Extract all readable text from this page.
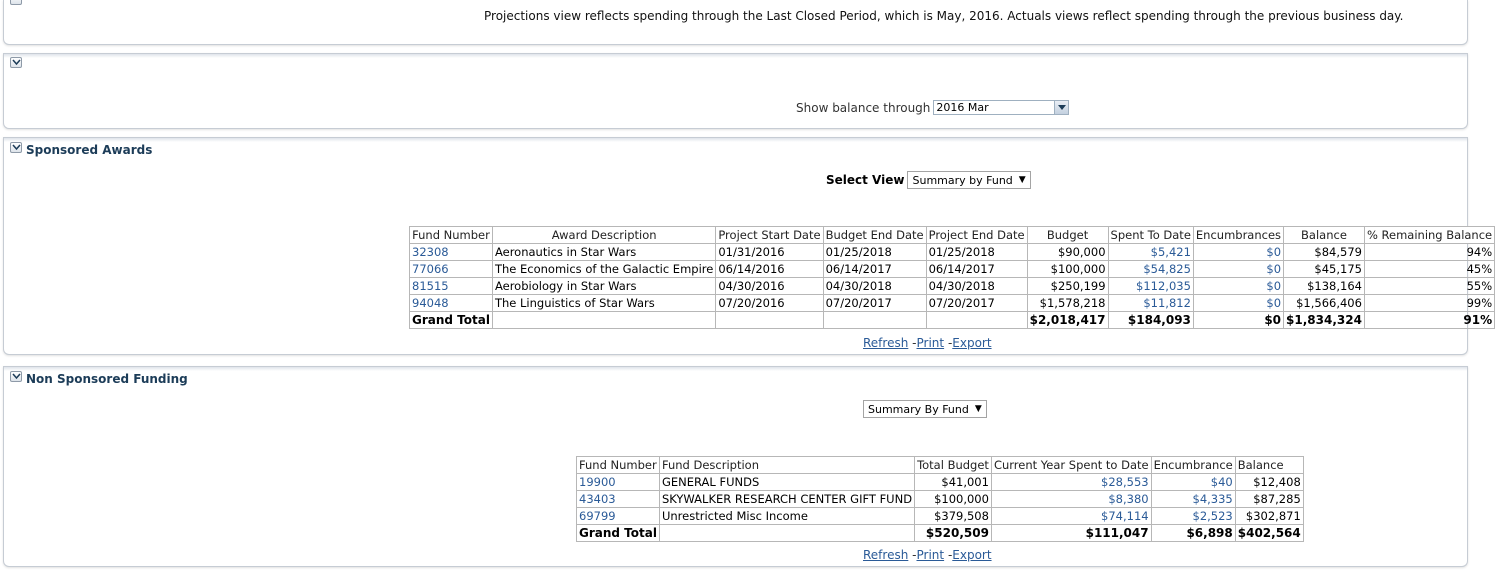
Projections view reflects spending through the Last Closed Period, which is May, 2016. Actuals views reflect spending through the previous business day.
Show balance through 2016 Mar
Sponsored Awards
Select View Summary by Fund ▼
Fund Number	Award Description	Project Start Date	Budget End Date	Project End Date	Budget	Spent To Date	Encumbrances	Balance	% Remaining Balance
32308	Aeronautics in Star Wars	01/31/2016	01/25/2018	01/25/2018	$90,000	$5,421	$0	$84,579	94%
77066	The Economics of the Galactic Empire	06/14/2016	06/14/2017	06/14/2017	$100,000	$54,825	$0	$45,175	45%
81515	Aerobiology in Star Wars	04/30/2016	04/30/2018	04/30/2018	$250,199	$112,035	$0	$138,164	55%
94048	The Linguistics of Star Wars	07/20/2016	07/20/2017	07/20/2017	$1,578,218	$11,812	$0	$1,566,406	99%
Grand Total					$2,018,417	$184,093	$0	$1,834,324	91%
Refresh -Print -Export
Non Sponsored Funding
Summary By Fund ▼
Fund Number	Fund Description	Total Budget	Current Year Spent to Date	Encumbrance	Balance
19900	GENERAL FUNDS	$41,001	$28,553	$40	$12,408
43403	SKYWALKER RESEARCH CENTER GIFT FUND	$100,000	$8,380	$4,335	$87,285
69799	Unrestricted Misc Income	$379,508	$74,114	$2,523	$302,871
Grand Total		$520,509	$111,047	$6,898	$402,564
Refresh -Print -Export
